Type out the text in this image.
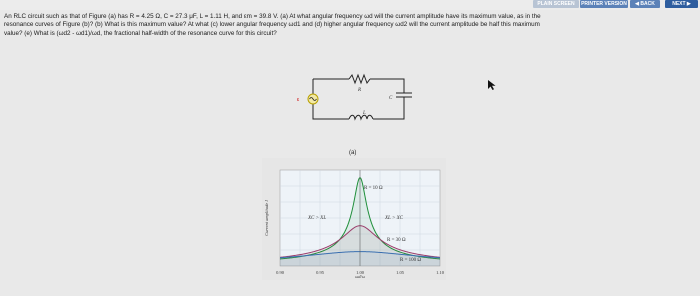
PLAIN SCREEN	PRINTER VERSION	◀ BACK	NEXT ▶

An RLC circuit such as that of Figure (a) has R = 4.25 Ω, C = 27.3 μF, L = 1.11 H, and εm = 39.8 V. (a) At what angular frequency ωd will the current amplitude have its maximum value, as in the

resonance curves of Figure (b)? (b) What is this maximum value? At what (c) lower angular frequency ωd1 and (d) higher angular frequency ωd2 will the current amplitude be half this maximum

value? (e) What is (ωd2 - ωd1)/ωd, the fractional half-width of the resonance curve for this circuit?

ε
R
L
C
(a)
0.90	0.95	1.00	1.05	1.10
Current amplitude I
ωd/ω
XC > XL	XL > XC
R = 10 Ω
R = 30 Ω
R = 100 Ω
